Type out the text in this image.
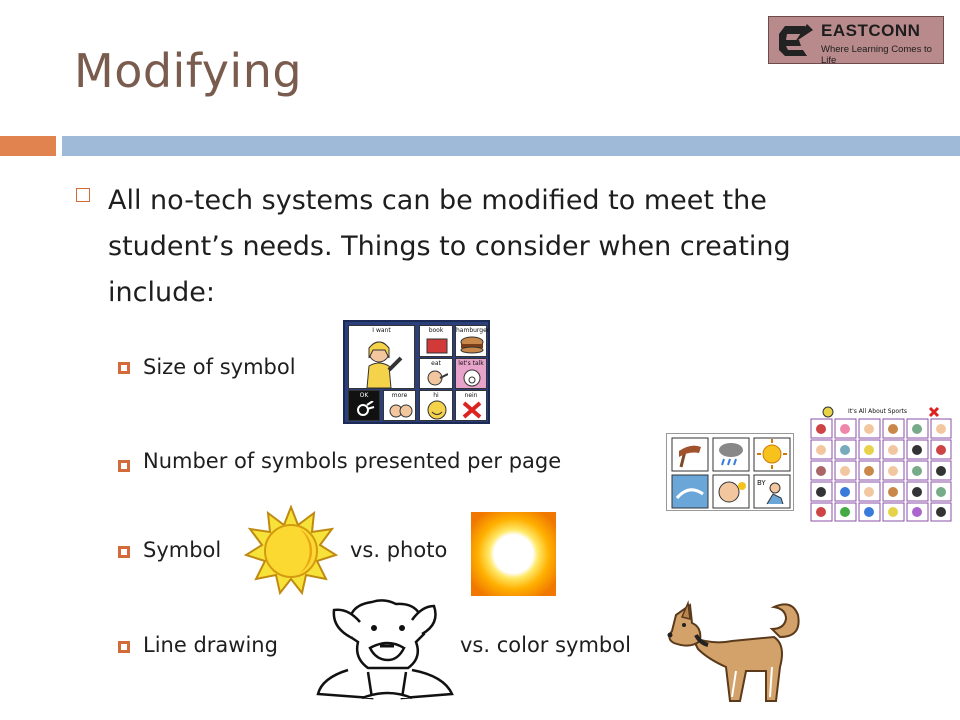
Modifying
EASTCONN
Where Learning Comes to Life
All no-tech systems can be modified to meet the student’s needs. Things to consider when creating include:
Size of symbol
I want	book	hamburger
eat	let's talk
OK	more	hi	nein
Number of symbols presented per page
BY
It's All About Sports
Symbol	vs. photo
Line drawing	vs. color symbol
